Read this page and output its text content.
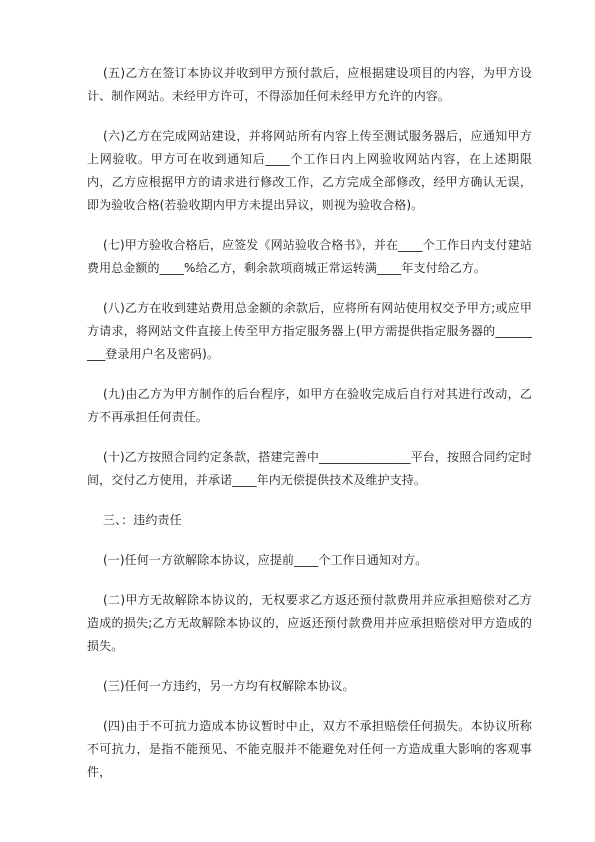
(五)乙方在签订本协议并收到甲方预付款后，应根据建设项目的内容，为甲方设计、制作网站。未经甲方许可，不得添加任何未经甲方允许的内容。

(六)乙方在完成网站建设，并将网站所有内容上传至测试服务器后，应通知甲方上网验收。甲方可在收到通知后____个工作日内上网验收网站内容，在上述期限内，乙方应根据甲方的请求进行修改工作，乙方完成全部修改，经甲方确认无误，即为验收合格(若验收期内甲方未提出异议，则视为验收合格)。

(七)甲方验收合格后，应签发《网站验收合格书》，并在____个工作日内支付建站费用总金额的____%给乙方，剩余款项商城正常运转满____年支付给乙方。

(八)乙方在收到建站费用总金额的余款后，应将所有网站使用权交予甲方;或应甲方请求，将网站文件直接上传至甲方指定服务器上(甲方需提供指定服务器的_________登录用户名及密码)。

(九)由乙方为甲方制作的后台程序，如甲方在验收完成后自行对其进行改动，乙方不再承担任何责任。

(十)乙方按照合同约定条款，搭建完善中_______________平台，按照合同约定时间，交付乙方使用，并承诺____年内无偿提供技术及维护支持。

三、：违约责任

(一)任何一方欲解除本协议，应提前____个工作日通知对方。

(二)甲方无故解除本协议的，无权要求乙方返还预付款费用并应承担赔偿对乙方造成的损失;乙方无故解除本协议的，应返还预付款费用并应承担赔偿对甲方造成的损失。

(三)任何一方违约，另一方均有权解除本协议。

(四)由于不可抗力造成本协议暂时中止，双方不承担赔偿任何损失。本协议所称不可抗力，是指不能预见、不能克服并不能避免对任何一方造成重大影响的客观事件，
